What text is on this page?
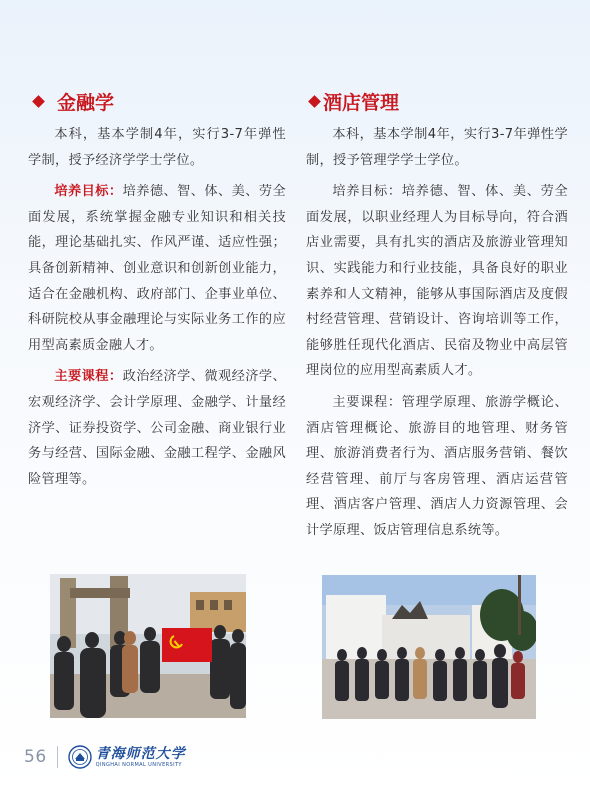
金融学

本科，基本学制4年，实行3-7年弹性学制，授予经济学学士学位。

培养目标：培养德、智、体、美、劳全面发展，系统掌握金融专业知识和相关技能，理论基础扎实、作风严谨、适应性强；具备创新精神、创业意识和创新创业能力，适合在金融机构、政府部门、企事业单位、科研院校从事金融理论与实际业务工作的应用型高素质金融人才。

主要课程：政治经济学、微观经济学、宏观经济学、会计学原理、金融学、计量经济学、证券投资学、公司金融、商业银行业务与经营、国际金融、金融工程学、金融风险管理等。

酒店管理

本科，基本学制4年，实行3-7年弹性学制，授予管理学学士学位。

培养目标：培养德、智、体、美、劳全面发展，以职业经理人为目标导向，符合酒店业需要，具有扎实的酒店及旅游业管理知识、实践能力和行业技能，具备良好的职业素养和人文精神，能够从事国际酒店及度假村经营管理、营销设计、咨询培训等工作，能够胜任现代化酒店、民宿及物业中高层管理岗位的应用型高素质人才。

主要课程：管理学原理、旅游学概论、酒店管理概论、旅游目的地管理、财务管理、旅游消费者行为、酒店服务营销、餐饮经营管理、前厅与客房管理、酒店运营管理、酒店客户管理、酒店人力资源管理、会计学原理、饭店管理信息系统等。

56	青海师范大学
QINGHAI NORMAL UNIVERSITY
